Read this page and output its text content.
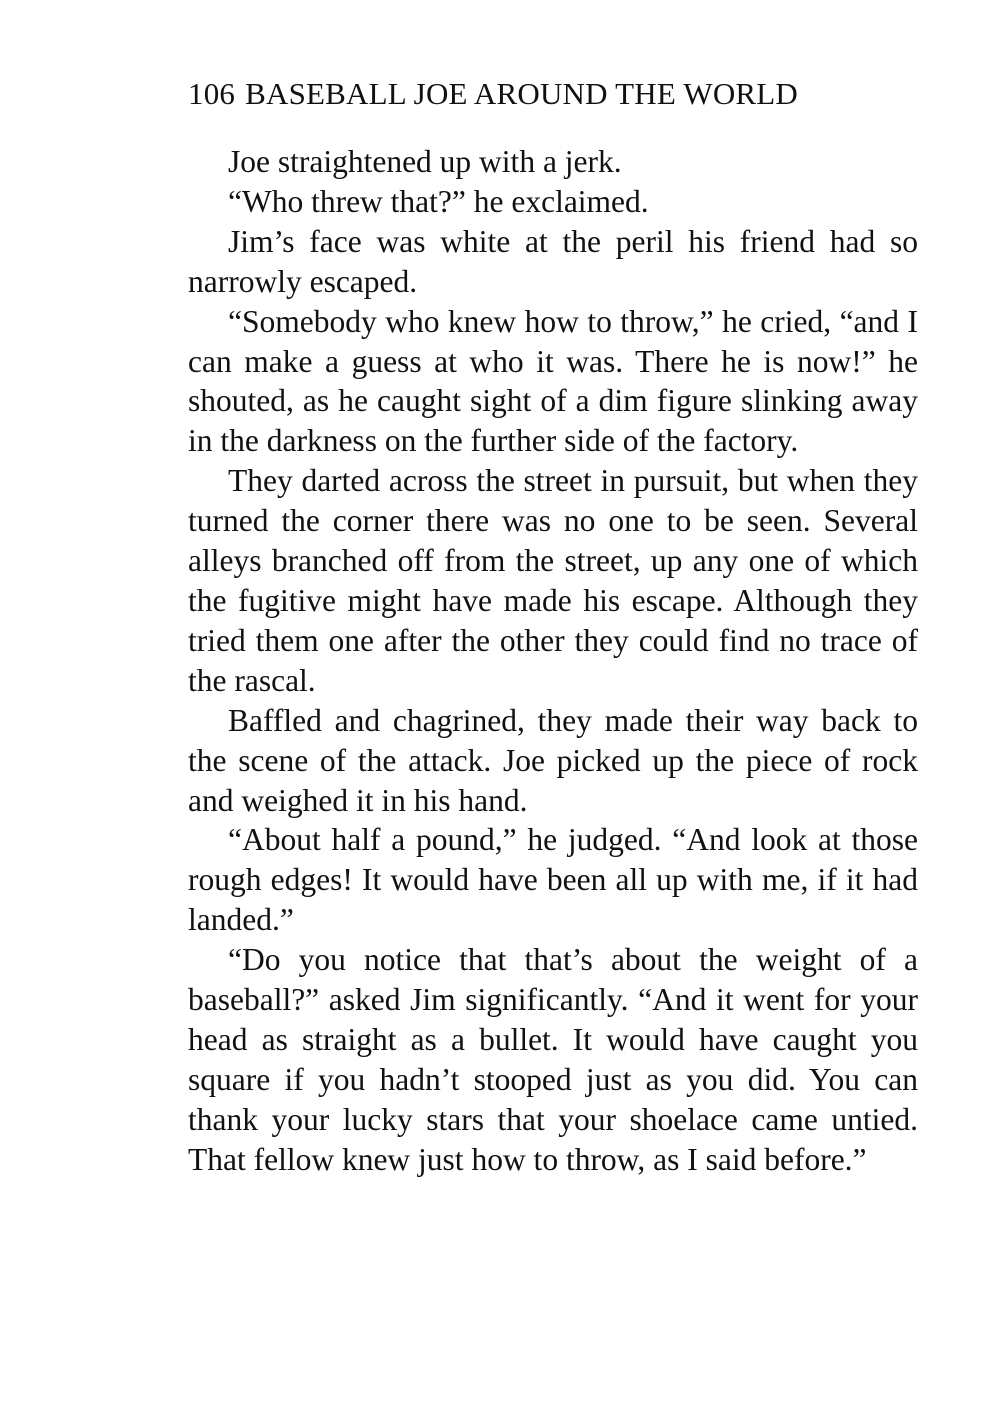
106 BASEBALL JOE AROUND THE WORLD

Joe straightened up with a jerk.

“Who threw that?” he exclaimed.

Jim’s face was white at the peril his friend had so narrowly escaped.

“Somebody who knew how to throw,” he cried, “and I can make a guess at who it was. There he is now!” he shouted, as he caught sight of a dim figure slinking away in the darkness on the further side of the factory.

They darted across the street in pursuit, but when they turned the corner there was no one to be seen. Several alleys branched off from the street, up any one of which the fugitive might have made his escape. Although they tried them one after the other they could find no trace of the rascal.

Baffled and chagrined, they made their way back to the scene of the attack. Joe picked up the piece of rock and weighed it in his hand.

“About half a pound,” he judged. “And look at those rough edges! It would have been all up with me, if it had landed.”

“Do you notice that that’s about the weight of a baseball?” asked Jim significantly. “And it went for your head as straight as a bullet. It would have caught you square if you hadn’t stooped just as you did. You can thank your lucky stars that your shoelace came untied. That fellow knew just how to throw, as I said before.”
